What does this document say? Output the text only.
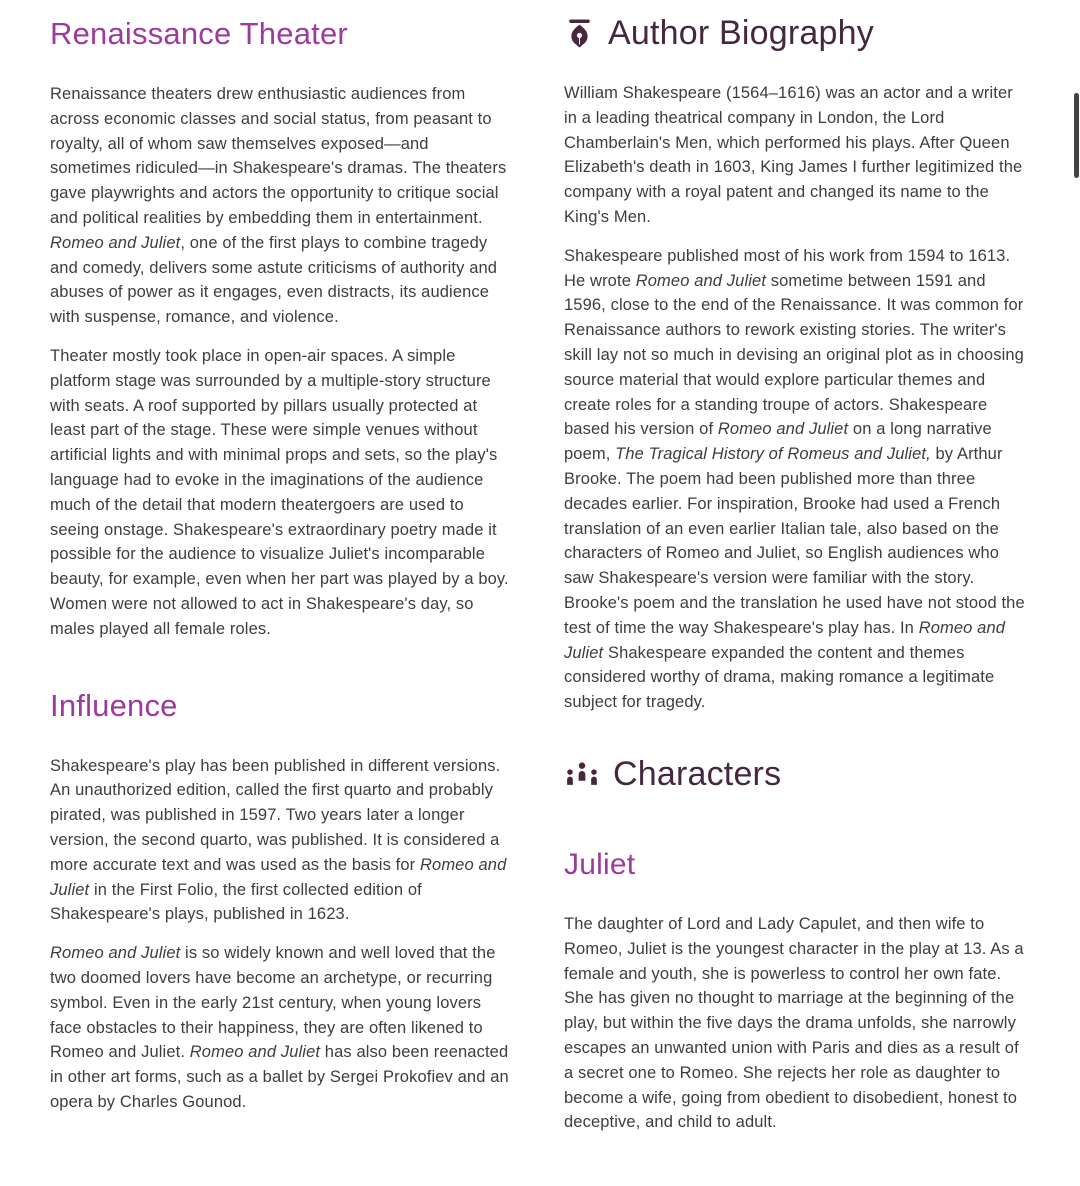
Renaissance Theater

Renaissance theaters drew enthusiastic audiences from across economic classes and social status, from peasant to royalty, all of whom saw themselves exposed—and sometimes ridiculed—in Shakespeare's dramas. The theaters gave playwrights and actors the opportunity to critique social and political realities by embedding them in entertainment. Romeo and Juliet, one of the first plays to combine tragedy and comedy, delivers some astute criticisms of authority and abuses of power as it engages, even distracts, its audience with suspense, romance, and violence.

Theater mostly took place in open-air spaces. A simple platform stage was surrounded by a multiple-story structure with seats. A roof supported by pillars usually protected at least part of the stage. These were simple venues without artificial lights and with minimal props and sets, so the play's language had to evoke in the imaginations of the audience much of the detail that modern theatergoers are used to seeing onstage. Shakespeare's extraordinary poetry made it possible for the audience to visualize Juliet's incomparable beauty, for example, even when her part was played by a boy. Women were not allowed to act in Shakespeare's day, so males played all female roles.

Influence

Shakespeare's play has been published in different versions. An unauthorized edition, called the first quarto and probably pirated, was published in 1597. Two years later a longer version, the second quarto, was published. It is considered a more accurate text and was used as the basis for Romeo and Juliet in the First Folio, the first collected edition of Shakespeare's plays, published in 1623.

Romeo and Juliet is so widely known and well loved that the two doomed lovers have become an archetype, or recurring symbol. Even in the early 21st century, when young lovers face obstacles to their happiness, they are often likened to Romeo and Juliet. Romeo and Juliet has also been reenacted in other art forms, such as a ballet by Sergei Prokofiev and an opera by Charles Gounod.

Author Biography

William Shakespeare (1564–1616) was an actor and a writer in a leading theatrical company in London, the Lord Chamberlain's Men, which performed his plays. After Queen Elizabeth's death in 1603, King James I further legitimized the company with a royal patent and changed its name to the King's Men.

Shakespeare published most of his work from 1594 to 1613. He wrote Romeo and Juliet sometime between 1591 and 1596, close to the end of the Renaissance. It was common for Renaissance authors to rework existing stories. The writer's skill lay not so much in devising an original plot as in choosing source material that would explore particular themes and create roles for a standing troupe of actors. Shakespeare based his version of Romeo and Juliet on a long narrative poem, The Tragical History of Romeus and Juliet, by Arthur Brooke. The poem had been published more than three decades earlier. For inspiration, Brooke had used a French translation of an even earlier Italian tale, also based on the characters of Romeo and Juliet, so English audiences who saw Shakespeare's version were familiar with the story. Brooke's poem and the translation he used have not stood the test of time the way Shakespeare's play has. In Romeo and Juliet Shakespeare expanded the content and themes considered worthy of drama, making romance a legitimate subject for tragedy.

Characters
Juliet

The daughter of Lord and Lady Capulet, and then wife to Romeo, Juliet is the youngest character in the play at 13. As a female and youth, she is powerless to control her own fate. She has given no thought to marriage at the beginning of the play, but within the five days the drama unfolds, she narrowly escapes an unwanted union with Paris and dies as a result of a secret one to Romeo. She rejects her role as daughter to become a wife, going from obedient to disobedient, honest to deceptive, and child to adult.
